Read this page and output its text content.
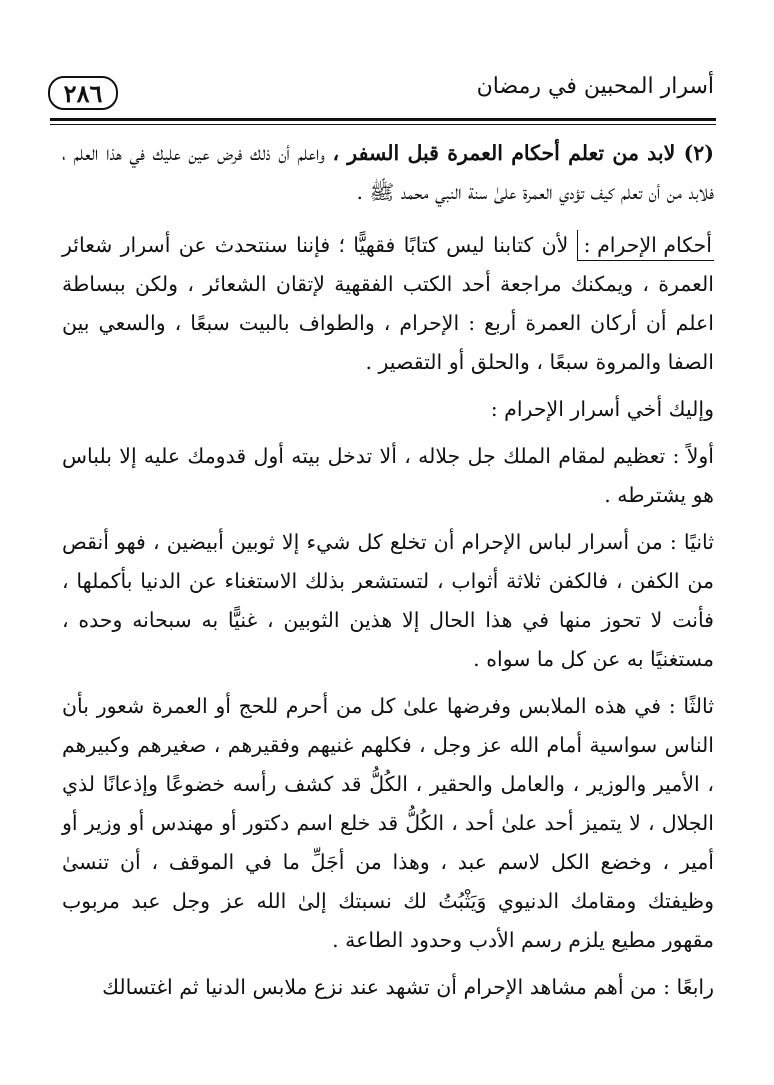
٢٨٦	أسرار المحبين في رمضان

(٢) لابد من تعلم أحكام العمرة قبل السفر ، واعلم أن ذلك فرض عين عليك في هذا العلم ، فلابد من أن تعلم كيف تؤدي العمرة علىٰ سنة النبي محمد ﷺ .

أحكام الإحرام : لأن كتابنا ليس كتابًا فقهيًّا ؛ فإننا سنتحدث عن أسرار شعائر العمرة ، ويمكنك مراجعة أحد الكتب الفقهية لإتقان الشعائر ، ولكن ببساطة اعلم أن أركان العمرة أربع : الإحرام ، والطواف بالبيت سبعًا ، والسعي بين الصفا والمروة سبعًا ، والحلق أو التقصير .

وإليك أخي أسرار الإحرام :

أولاً : تعظيم لمقام الملك جل جلاله ، ألا تدخل بيته أول قدومك عليه إلا بلباس هو يشترطه .

ثانيًا : من أسرار لباس الإحرام أن تخلع كل شيء إلا ثوبين أبيضين ، فهو أنقص من الكفن ، فالكفن ثلاثة أثواب ، لتستشعر بذلك الاستغناء عن الدنيا بأكملها ، فأنت لا تحوز منها في هذا الحال إلا هذين الثوبين ، غنيًّا به سبحانه وحده ، مستغنيًا به عن كل ما سواه .

ثالثًا : في هذه الملابس وفرضها علىٰ كل من أحرم للحج أو العمرة شعور بأن الناس سواسية أمام الله عز وجل ، فكلهم غنيهم وفقيرهم ، صغيرهم وكبيرهم ، الأمير والوزير ، والعامل والحقير ، الكُلُّ قد كشف رأسه خضوعًا وإذعانًا لذي الجلال ، لا يتميز أحد علىٰ أحد ، الكُلُّ قد خلع اسم دكتور أو مهندس أو وزير أو أمير ، وخضع الكل لاسم عبد ، وهذا من أجَلِّ ما في الموقف ، أن تنسىٰ وظيفتك ومقامك الدنيوي وَيَثْبُتُ لك نسبتك إلىٰ الله عز وجل عبد مربوب مقهور مطيع يلزم رسم الأدب وحدود الطاعة .

رابعًا : من أهم مشاهد الإحرام أن تشهد عند نزع ملابس الدنيا ثم اغتسالك
